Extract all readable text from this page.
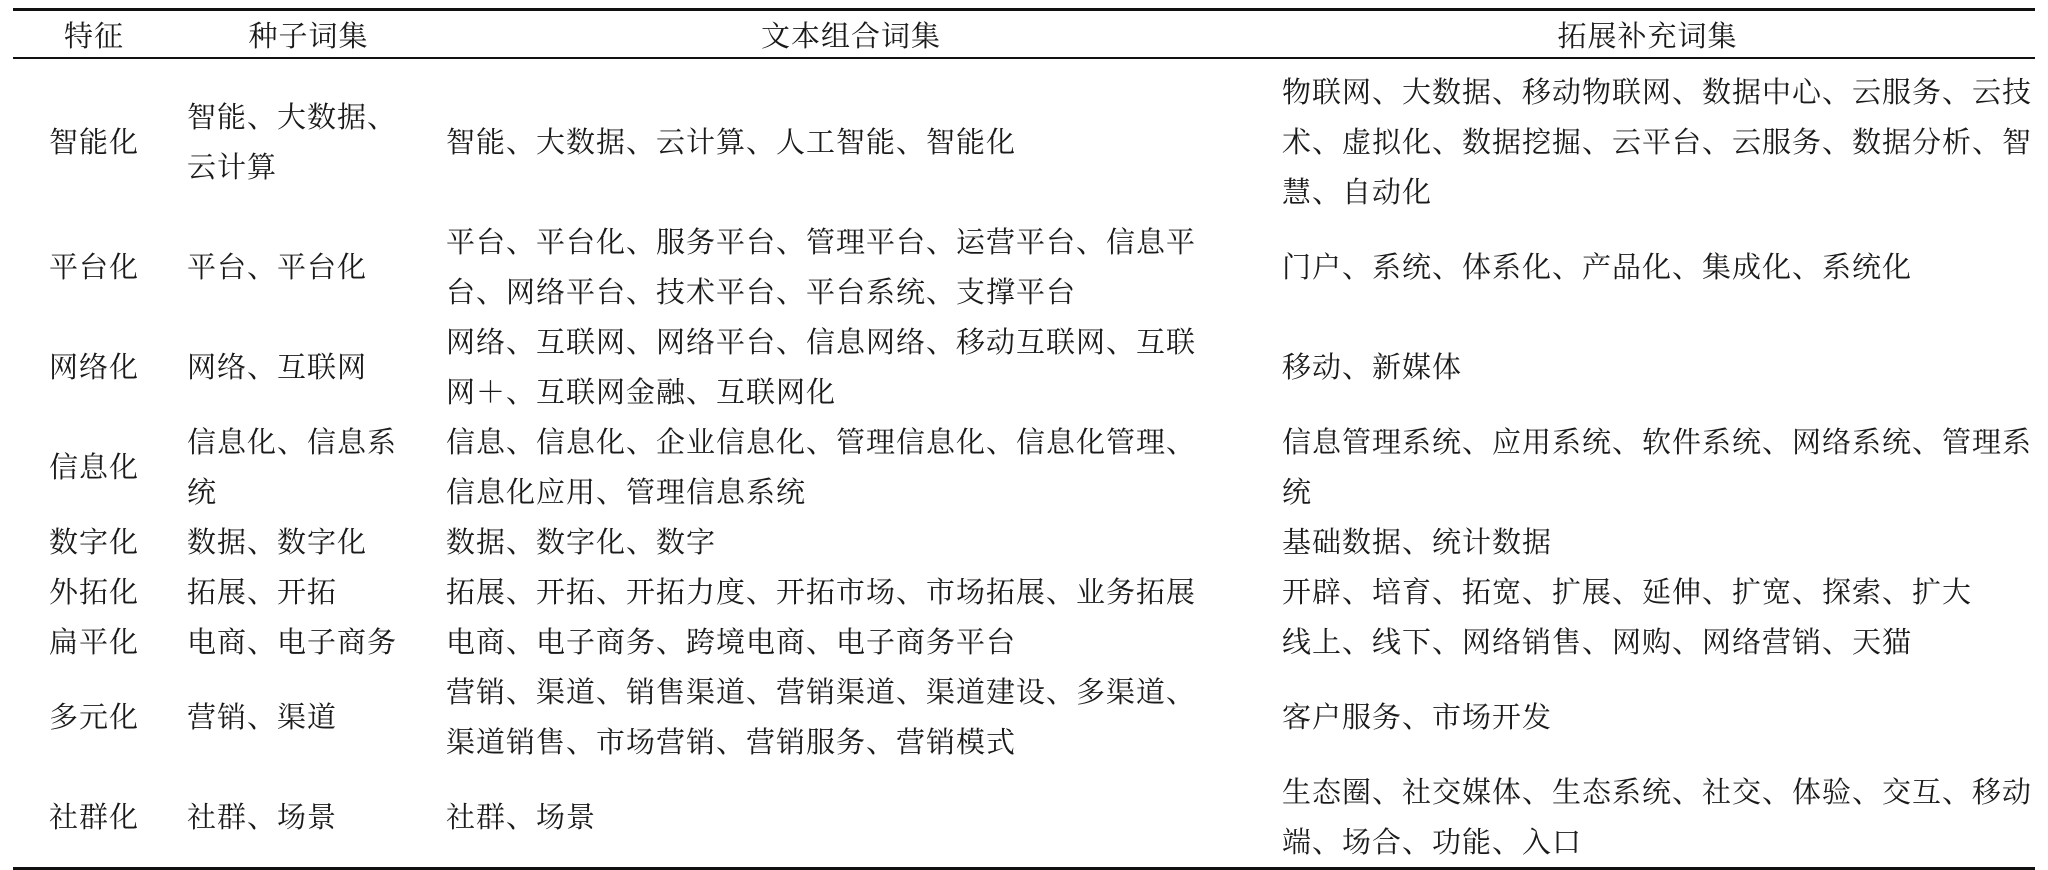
特征	种子词集	文本组合词集	拓展补充词集
智能化	智能、大数据、云计算	智能、大数据、云计算、人工智能、智能化	物联网、大数据、移动物联网、数据中心、云服务、云技术、虚拟化、数据挖掘、云平台、云服务、数据分析、智慧、自动化
平台化	平台、平台化	平台、平台化、服务平台、管理平台、运营平台、信息平台、网络平台、技术平台、平台系统、支撑平台	门户、系统、体系化、产品化、集成化、系统化
网络化	网络、互联网	网络、互联网、网络平台、信息网络、移动互联网、互联网＋、互联网金融、互联网化	移动、新媒体
信息化	信息化、信息系统	信息、信息化、企业信息化、管理信息化、信息化管理、信息化应用、管理信息系统	信息管理系统、应用系统、软件系统、网络系统、管理系统
数字化	数据、数字化	数据、数字化、数字	基础数据、统计数据
外拓化	拓展、开拓	拓展、开拓、开拓力度、开拓市场、市场拓展、业务拓展	开辟、培育、拓宽、扩展、延伸、扩宽、探索、扩大
扁平化	电商、电子商务	电商、电子商务、跨境电商、电子商务平台	线上、线下、网络销售、网购、网络营销、天猫
多元化	营销、渠道	营销、渠道、销售渠道、营销渠道、渠道建设、多渠道、渠道销售、市场营销、营销服务、营销模式	客户服务、市场开发
社群化	社群、场景	社群、场景	生态圈、社交媒体、生态系统、社交、体验、交互、移动端、场合、功能、入口
